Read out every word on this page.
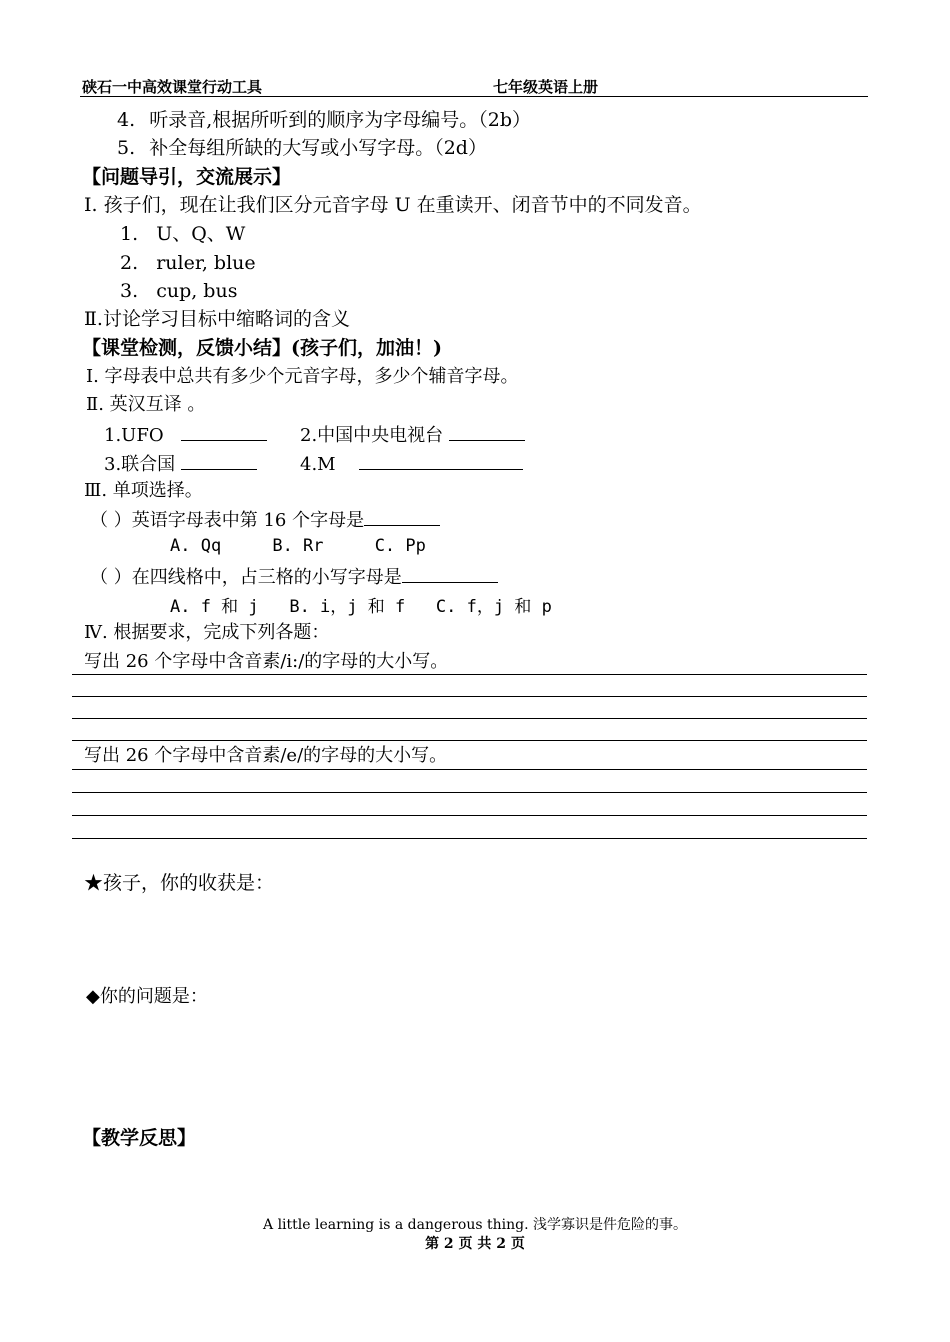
硖石一中高效课堂行动工具	七年级英语上册
4. 听录音,根据所听到的顺序为字母编号。（2b）
5. 补全每组所缺的大写或小写字母。（2d）
【问题导引，交流展示】
Ⅰ. 孩子们，现在让我们区分元音字母 U 在重读开、闭音节中的不同发音。
1. U、Q、W
2. ruler, blue
3. cup, bus
Ⅱ.讨论学习目标中缩略词的含义
【课堂检测，反馈小结】(孩子们，加油！)
Ⅰ. 字母表中总共有多少个元音字母，多少个辅音字母。
Ⅱ. 英汉互译 。
1.UFO	2.中国中央电视台
3.联合国	4.M
Ⅲ. 单项选择。
（ ）英语字母表中第 16 个字母是
A. Qq     B. Rr     C. Pp
（ ）在四线格中，占三格的小写字母是
A. f 和 j   B. i，j 和 f   C. f，j 和 p
Ⅳ. 根据要求，完成下列各题：
写出 26 个字母中含音素/i:/的字母的大小写。
写出 26 个字母中含音素/e/的字母的大小写。
★孩子，你的收获是：
◆你的问题是：
【教学反思】
A little learning is a dangerous thing. 浅学寡识是件危险的事。
第 2 页 共 2 页
